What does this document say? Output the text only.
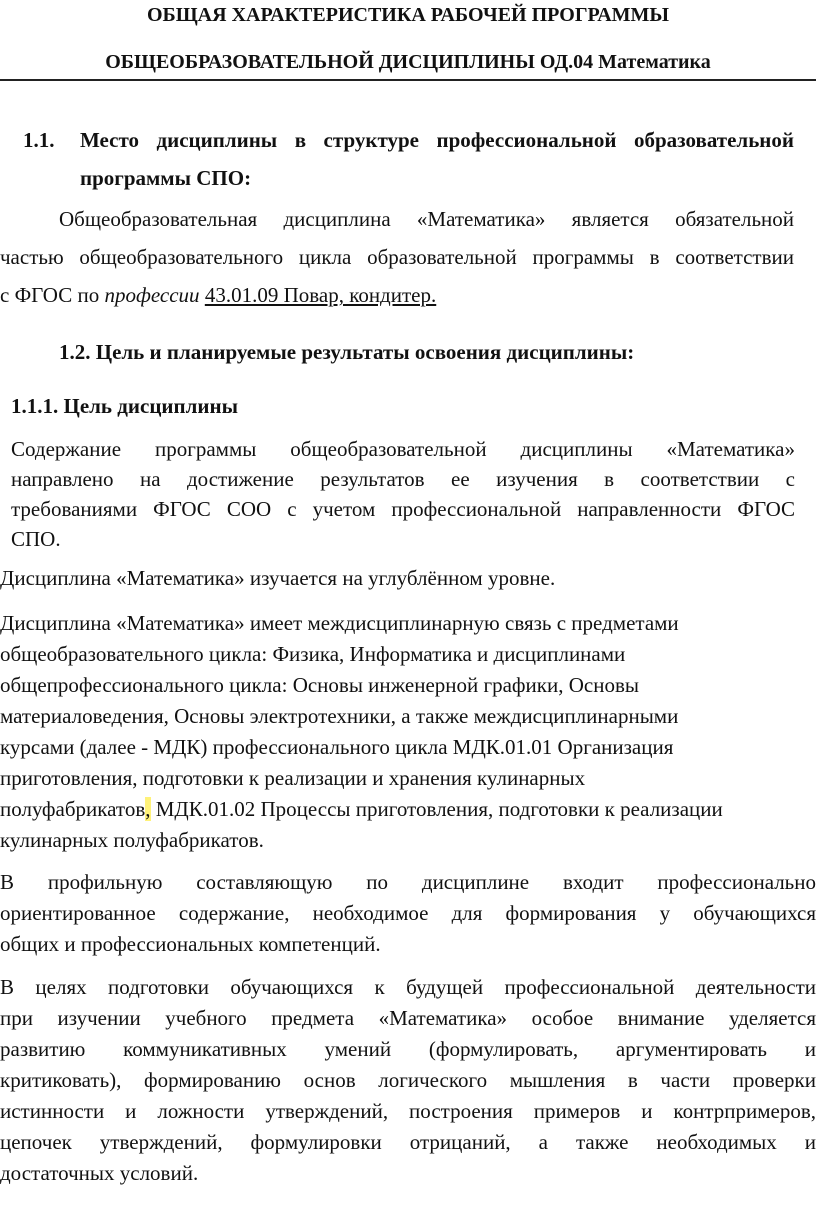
ОБЩАЯ ХАРАКТЕРИСТИКА РАБОЧЕЙ ПРОГРАММЫ
ОБЩЕОБРАЗОВАТЕЛЬНОЙ ДИСЦИПЛИНЫ ОД.04 Математика
1.1. Место дисциплины в структуре профессиональной образовательной
программы СПО:
Общеобразовательная дисциплина «Математика» является обязательной
частью общеобразовательного цикла образовательной программы в соответствии
с ФГОС по профессии 43.01.09 Повар, кондитер.
1.2. Цель и планируемые результаты освоения дисциплины:
1.1.1. Цель дисциплины
Содержание программы общеобразовательной дисциплины «Математика»
направлено на достижение результатов ее изучения в соответствии с
требованиями ФГОС СОО с учетом профессиональной направленности ФГОС
СПО.
Дисциплина «Математика» изучается на углублённом уровне.
Дисциплина «Математика» имеет междисциплинарную связь с предметами
общеобразовательного цикла: Физика, Информатика и дисциплинами
общепрофессионального цикла: Основы инженерной графики, Основы
материаловедения, Основы электротехники, а также междисциплинарными
курсами (далее - МДК) профессионального цикла МДК.01.01 Организация
приготовления, подготовки к реализации и хранения кулинарных
полуфабрикатов, МДК.01.02 Процессы приготовления, подготовки к реализации
кулинарных полуфабрикатов.
В профильную составляющую по дисциплине входит профессионально
ориентированное содержание, необходимое для формирования у обучающихся
общих и профессиональных компетенций.
В целях подготовки обучающихся к будущей профессиональной деятельности
при изучении учебного предмета «Математика» особое внимание уделяется
развитию коммуникативных умений (формулировать, аргументировать и
критиковать), формированию основ логического мышления в части проверки
истинности и ложности утверждений, построения примеров и контрпримеров,
цепочек утверждений, формулировки отрицаний, а также необходимых и
достаточных условий.
